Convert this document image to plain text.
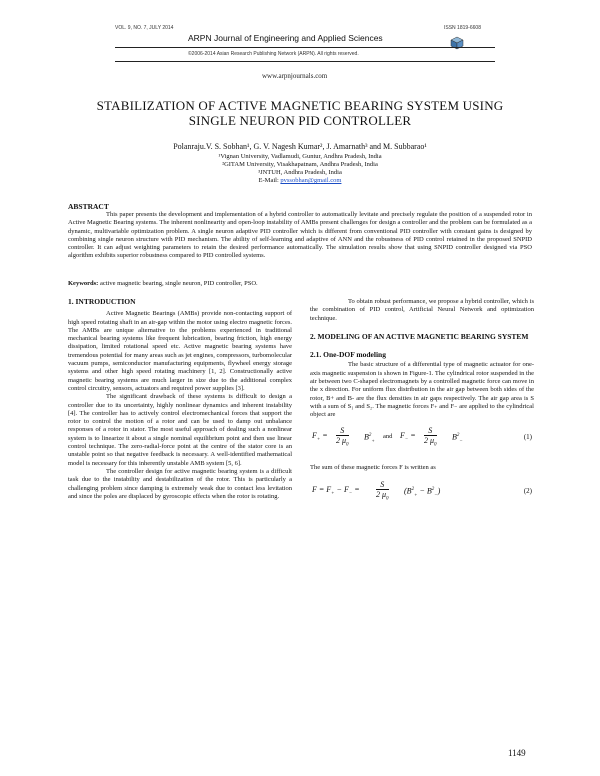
VOL. 9, NO. 7, JULY 2014	ISSN 1819-6608
ARPN Journal of Engineering and Applied Sciences
©2006-2014 Asian Research Publishing Network (ARPN). All rights reserved.
www.arpnjournals.com
STABILIZATION OF ACTIVE MAGNETIC BEARING SYSTEM USING SINGLE NEURON PID CONTROLLER
Polanraju.V. S. Sobhan¹, G. V. Nagesh Kumar², J. Amarnath³ and M. Subbarao¹
¹Vignan University, Vadlamudi, Guntur, Andhra Pradesh, India
²GITAM University, Visakhapatnam, Andhra Pradesh, India
³JNTUH, Andhra Pradesh, India
E-Mail: pvssobhan@gmail.com
ABSTRACT
This paper presents the development and implementation of a hybrid controller to automatically levitate and precisely regulate the position of a suspended rotor in Active Magnetic Bearing systems. The inherent nonlinearity and open-loop instability of AMBs present challenges for design a controller and the problem can be formulated as a dynamic, multivariable optimization problem. A single neuron adaptive PID controller which is different from conventional PID controller with constant gains is designed by combining single neuron structure with PID mechanism. The ability of self-learning and adaptive of ANN and the robustness of PID control retained in the proposed SNPID controller. It can adjust weighting parameters to retain the desired performance automatically. The simulation results show that using SNPID controller designed via PSO algorithm exhibits superior robustness compared to PID controlled systems.
Keywords: active magnetic bearing, single neuron, PID controller, PSO.
1. INTRODUCTION

Active Magnetic Bearings (AMBs) provide non-contacting support of high speed rotating shaft in an air-gap within the motor using electro magnetic forces. The AMBs are unique alternative to the problems experienced in traditional mechanical bearing systems like frequent lubrication, bearing friction, high energy dissipation, limited rotational speed etc. Active magnetic bearing systems have tremendous potential for many areas such as jet engines, compressors, turbomolecular vacuum pumps, semiconductor manufacturing equipments, flywheel energy storage systems and other high speed rotating machinery [1, 2]. Constructionally active magnetic bearing systems are much larger in size due to the additional complex control circuitry, sensors, actuators and required power supplies [3].

The significant drawback of these systems is difficult to design a controller due to its uncertainty, highly nonlinear dynamics and inherent instability [4]. The controller has to actively control electromechanical forces that support the rotor to control the motion of a rotor and can be used to damp out unbalance responses of a rotor in stator. The most useful approach of dealing such a nonlinear system is to linearize it about a single nominal equilibrium point and then use linear control technique. The zero-radial-force point at the centre of the stator core is an unstable point so that negative feedback is necessary. A well-identified mathematical model is necessary for this inherently unstable AMB system [5, 6].

The controller design for active magnetic bearing system is a difficult task due to the instability and destabilization of the rotor. This is particularly a challenging problem since damping is extremely weak due to contact less levitation and since the poles are displaced by gyroscopic effects when the rotor is rotating.

To obtain robust performance, we propose a hybrid controller, which is the combination of PID control, Artificial Neural Network and optimization technique.

2. MODELING OF AN ACTIVE MAGNETIC BEARING SYSTEM
2.1. One-DOF modeling

The basic structure of a differential type of magnetic actuator for one-axis magnetic suspension is shown in Figure-1. The cylindrical rotor suspended in the air between two C-shaped electromagnets by a controlled magnetic force can move in the x direction. For uniform flux distribution in the air gap between both sides of the rotor, B+ and B- are the flux densities in air gaps respectively. The air gap area is S with a sum of S₁ and S₂. The magnetic forces F₊ and F₋ are applied to the cylindrical object are

$F_+ = \frac{S}{2 \mu_0} B^2_+$
and $F_- = \frac{S}{2 \mu_0} B^2_-$
(1)

The sum of these magnetic forces F is written as

$F = F_+ - F_- = \frac{S}{2 \mu_0} (B^2_+ - B^2_-)$	(2)
1149
